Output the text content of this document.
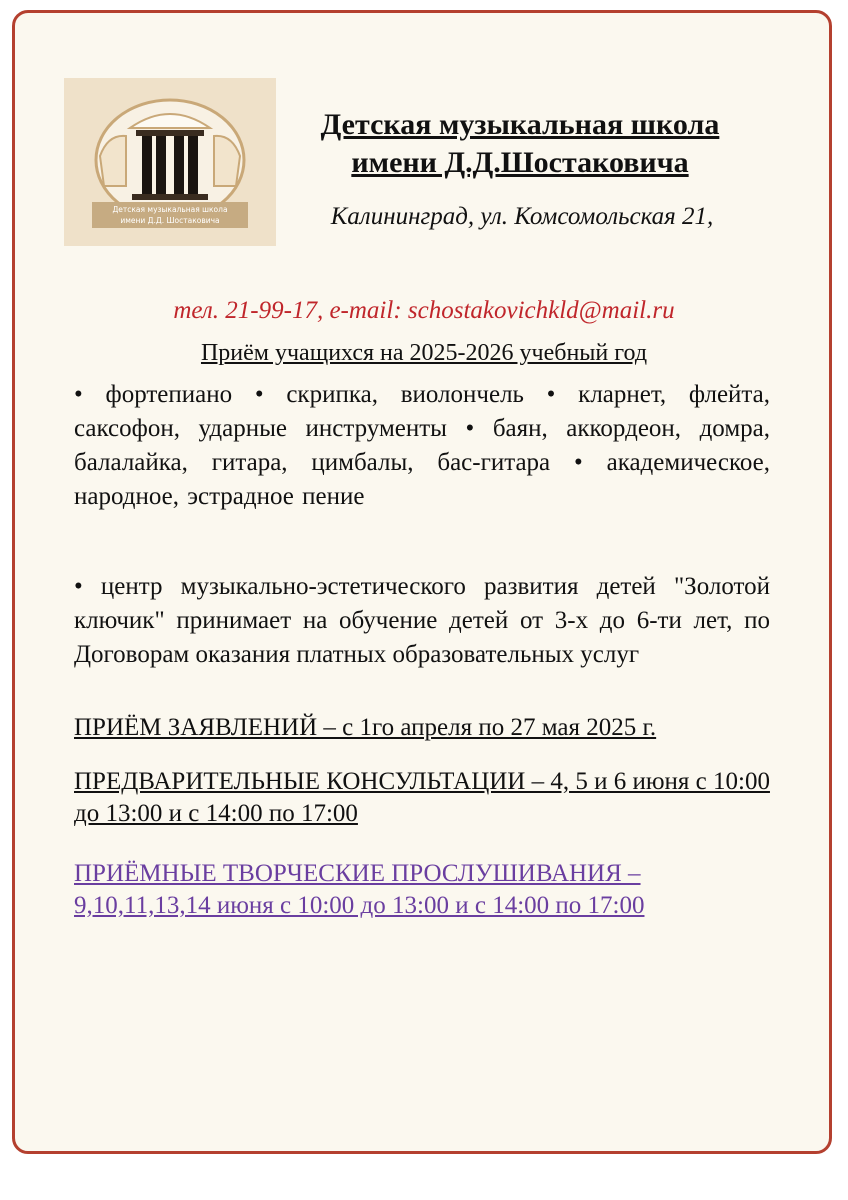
Детская музыкальная школа
имени Д.Д. Шостаковича
Детская музыкальная школа
имени Д.Д.Шостаковича
Калининград, ул. Комсомольская 21,
тел. 21-99-17, e-mail: schostakovichkld@mail.ru
Приём учащихся на 2025-2026 учебный год

• фортепиано • скрипка, виолончель • кларнет, флейта, саксофон, ударные инструменты • баян, аккордеон, домра, балалайка, гитара, цимбалы, бас-гитара • академическое, народное, эстрадное пение

• центр музыкально-эстетического развития детей "Золотой ключик" принимает на обучение детей от 3-х до 6-ти лет, по Договорам оказания платных образовательных услуг

ПРИЁМ ЗАЯВЛЕНИЙ – с 1го апреля по 27 мая 2025 г.

ПРЕДВАРИТЕЛЬНЫЕ КОНСУЛЬТАЦИИ – 4, 5 и 6 июня с 10:00 до 13:00 и с 14:00 по 17:00

ПРИЁМНЫЕ ТВОРЧЕСКИЕ ПРОСЛУШИВАНИЯ – 9,10,11,13,14 июня с 10:00 до 13:00 и с 14:00 по 17:00
